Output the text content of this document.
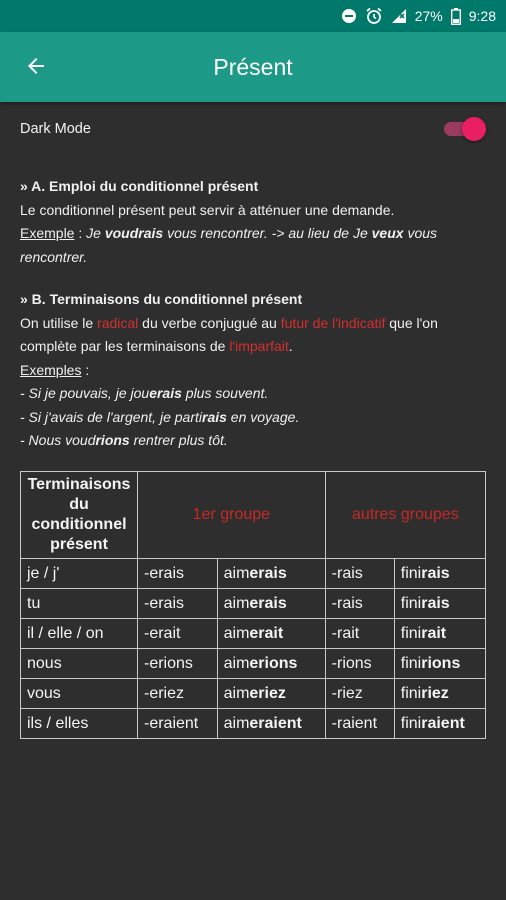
27% 9:28
Présent
Dark Mode

» A. Emploi du conditionnel présent

Le conditionnel présent peut servir à atténuer une demande.

Exemple : Je voudrais vous rencontrer. -> au lieu de Je veux vous rencontrer.

» B. Terminaisons du conditionnel présent

On utilise le radical du verbe conjugué au futur de l'indicatif que l'on complète par les terminaisons de l'imparfait.

Exemples :

- Si je pouvais, je jouerais plus souvent.

- Si j'avais de l'argent, je partirais en voyage.

- Nous voudrions rentrer plus tôt.

Terminaisons du conditionnel présent	1er groupe		autres groupes	
je / j'	-erais	aimerais	-rais	finirais
tu	-erais	aimerais	-rais	finirais
il / elle / on	-erait	aimerait	-rait	finirait
nous	-erions	aimerions	-rions	finirions
vous	-eriez	aimeriez	-riez	finiriez
ils / elles	-eraient	aimeraient	-raient	finiraient
